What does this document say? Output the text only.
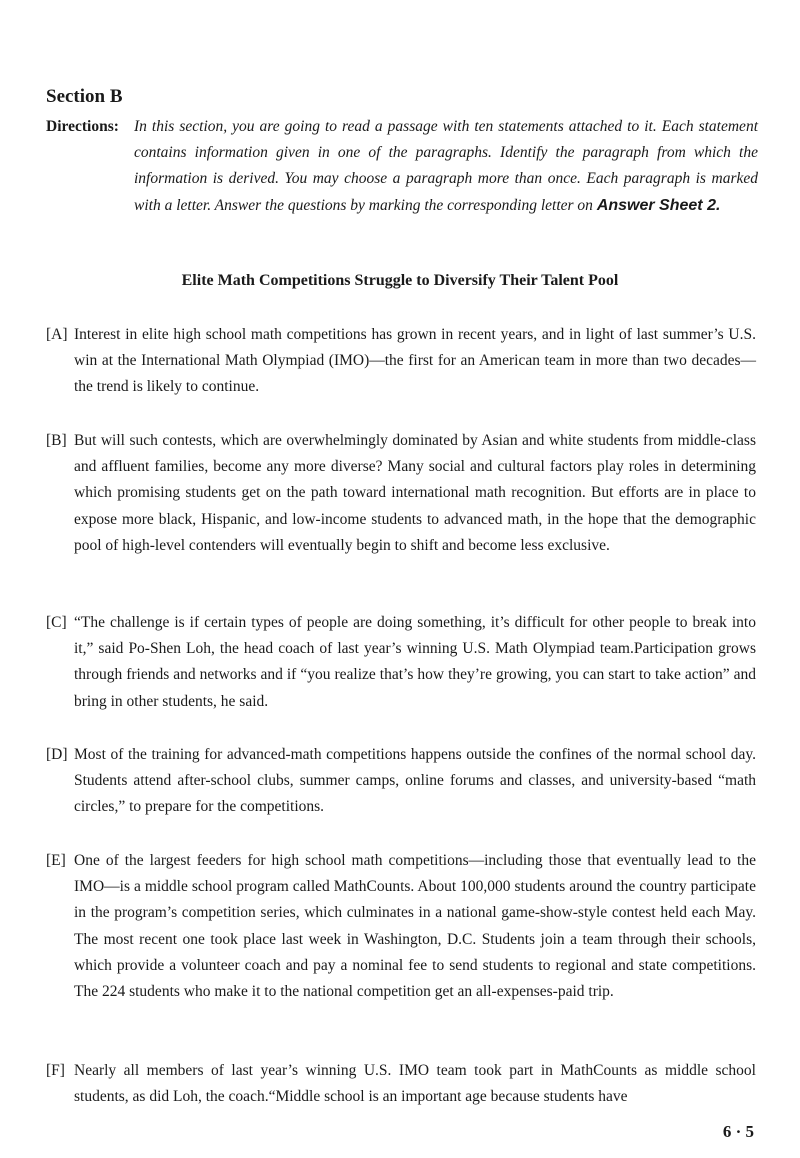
Section B
Directions: In this section, you are going to read a passage with ten statements attached to it. Each statement contains information given in one of the paragraphs. Identify the paragraph from which the information is derived. You may choose a paragraph more than once. Each paragraph is marked with a letter. Answer the questions by marking the corresponding letter on Answer Sheet 2.
Elite Math Competitions Struggle to Diversify Their Talent Pool
[A] Interest in elite high school math competitions has grown in recent years, and in light of last summer’s U.S. win at the International Math Olympiad (IMO)—the first for an American team in more than two decades—the trend is likely to continue.
[B] But will such contests, which are overwhelmingly dominated by Asian and white students from middle-class and affluent families, become any more diverse? Many social and cultural factors play roles in determining which promising students get on the path toward international math recognition. But efforts are in place to expose more black, Hispanic, and low-income students to advanced math, in the hope that the demographic pool of high-level contenders will eventually begin to shift and become less exclusive.
[C] “The challenge is if certain types of people are doing something, it’s difficult for other people to break into it,” said Po-Shen Loh, the head coach of last year’s winning U.S. Math Olympiad team.Participation grows through friends and networks and if “you realize that’s how they’re growing, you can start to take action” and bring in other students, he said.
[D] Most of the training for advanced-math competitions happens outside the confines of the normal school day. Students attend after-school clubs, summer camps, online forums and classes, and university-based “math circles,” to prepare for the competitions.
[E] One of the largest feeders for high school math competitions—including those that eventually lead to the IMO—is a middle school program called MathCounts. About 100,000 students around the country participate in the program’s competition series, which culminates in a national game-show-style contest held each May. The most recent one took place last week in Washington, D.C. Students join a team through their schools, which provide a volunteer coach and pay a nominal fee to send students to regional and state competitions. The 224 students who make it to the national competition get an all-expenses-paid trip.
[F] Nearly all members of last year’s winning U.S. IMO team took part in MathCounts as middle school students, as did Loh, the coach.“Middle school is an important age because students have
6 · 5
